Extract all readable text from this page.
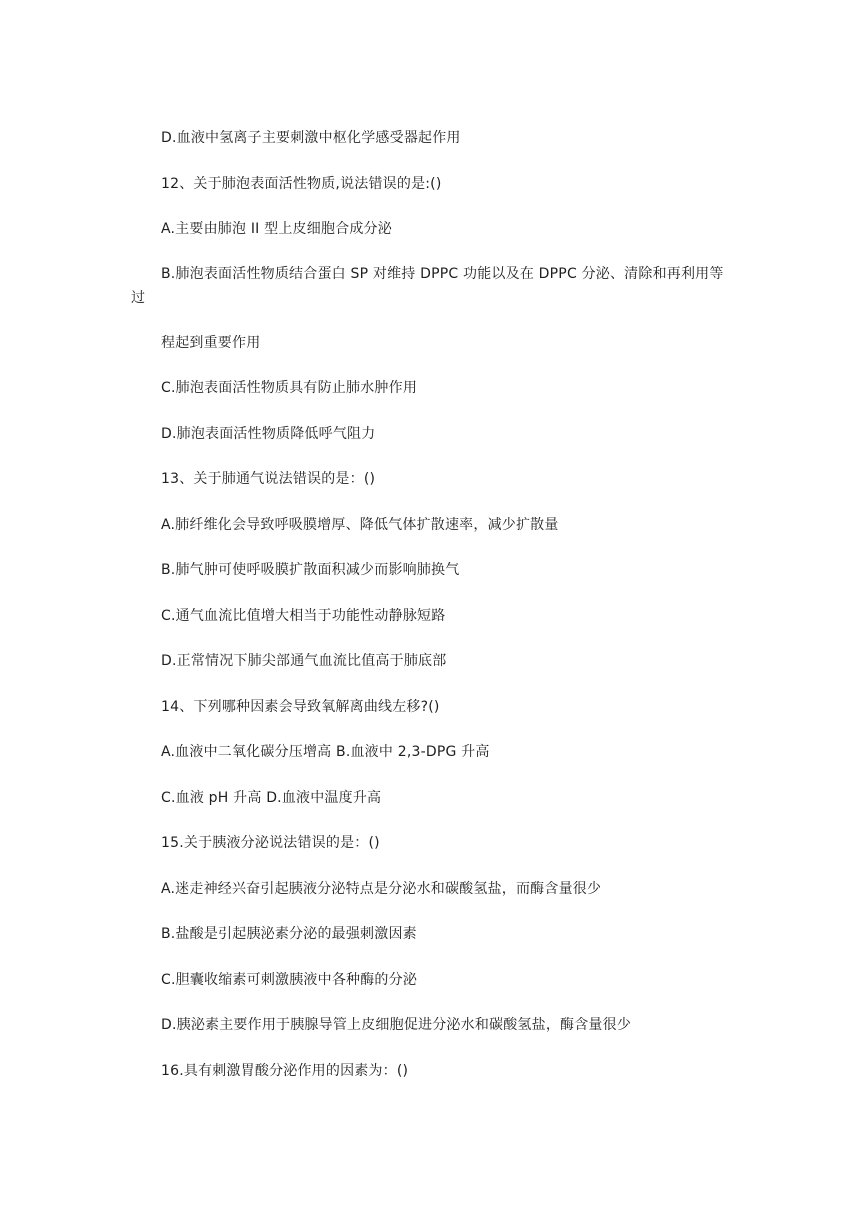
D.血液中氢离子主要刺激中枢化学感受器起作用
12、关于肺泡表面活性物质,说法错误的是:()
A.主要由肺泡 II 型上皮细胞合成分泌
B.肺泡表面活性物质结合蛋白 SP 对维持 DPPC 功能以及在 DPPC 分泌、清除和再利用等
过
程起到重要作用
C.肺泡表面活性物质具有防止肺水肿作用
D.肺泡表面活性物质降低呼气阻力
13、关于肺通气说法错误的是：()
A.肺纤维化会导致呼吸膜增厚、降低气体扩散速率，减少扩散量
B.肺气肿可使呼吸膜扩散面积减少而影响肺换气
C.通气血流比值增大相当于功能性动静脉短路
D.正常情况下肺尖部通气血流比值高于肺底部
14、下列哪种因素会导致氧解离曲线左移?()
A.血液中二氧化碳分压增高 B.血液中 2,3-DPG 升高
C.血液 pH 升高 D.血液中温度升高
15.关于胰液分泌说法错误的是：()
A.迷走神经兴奋引起胰液分泌特点是分泌水和碳酸氢盐，而酶含量很少
B.盐酸是引起胰泌素分泌的最强刺激因素
C.胆囊收缩素可刺激胰液中各种酶的分泌
D.胰泌素主要作用于胰腺导管上皮细胞促进分泌水和碳酸氢盐，酶含量很少
16.具有刺激胃酸分泌作用的因素为：()
